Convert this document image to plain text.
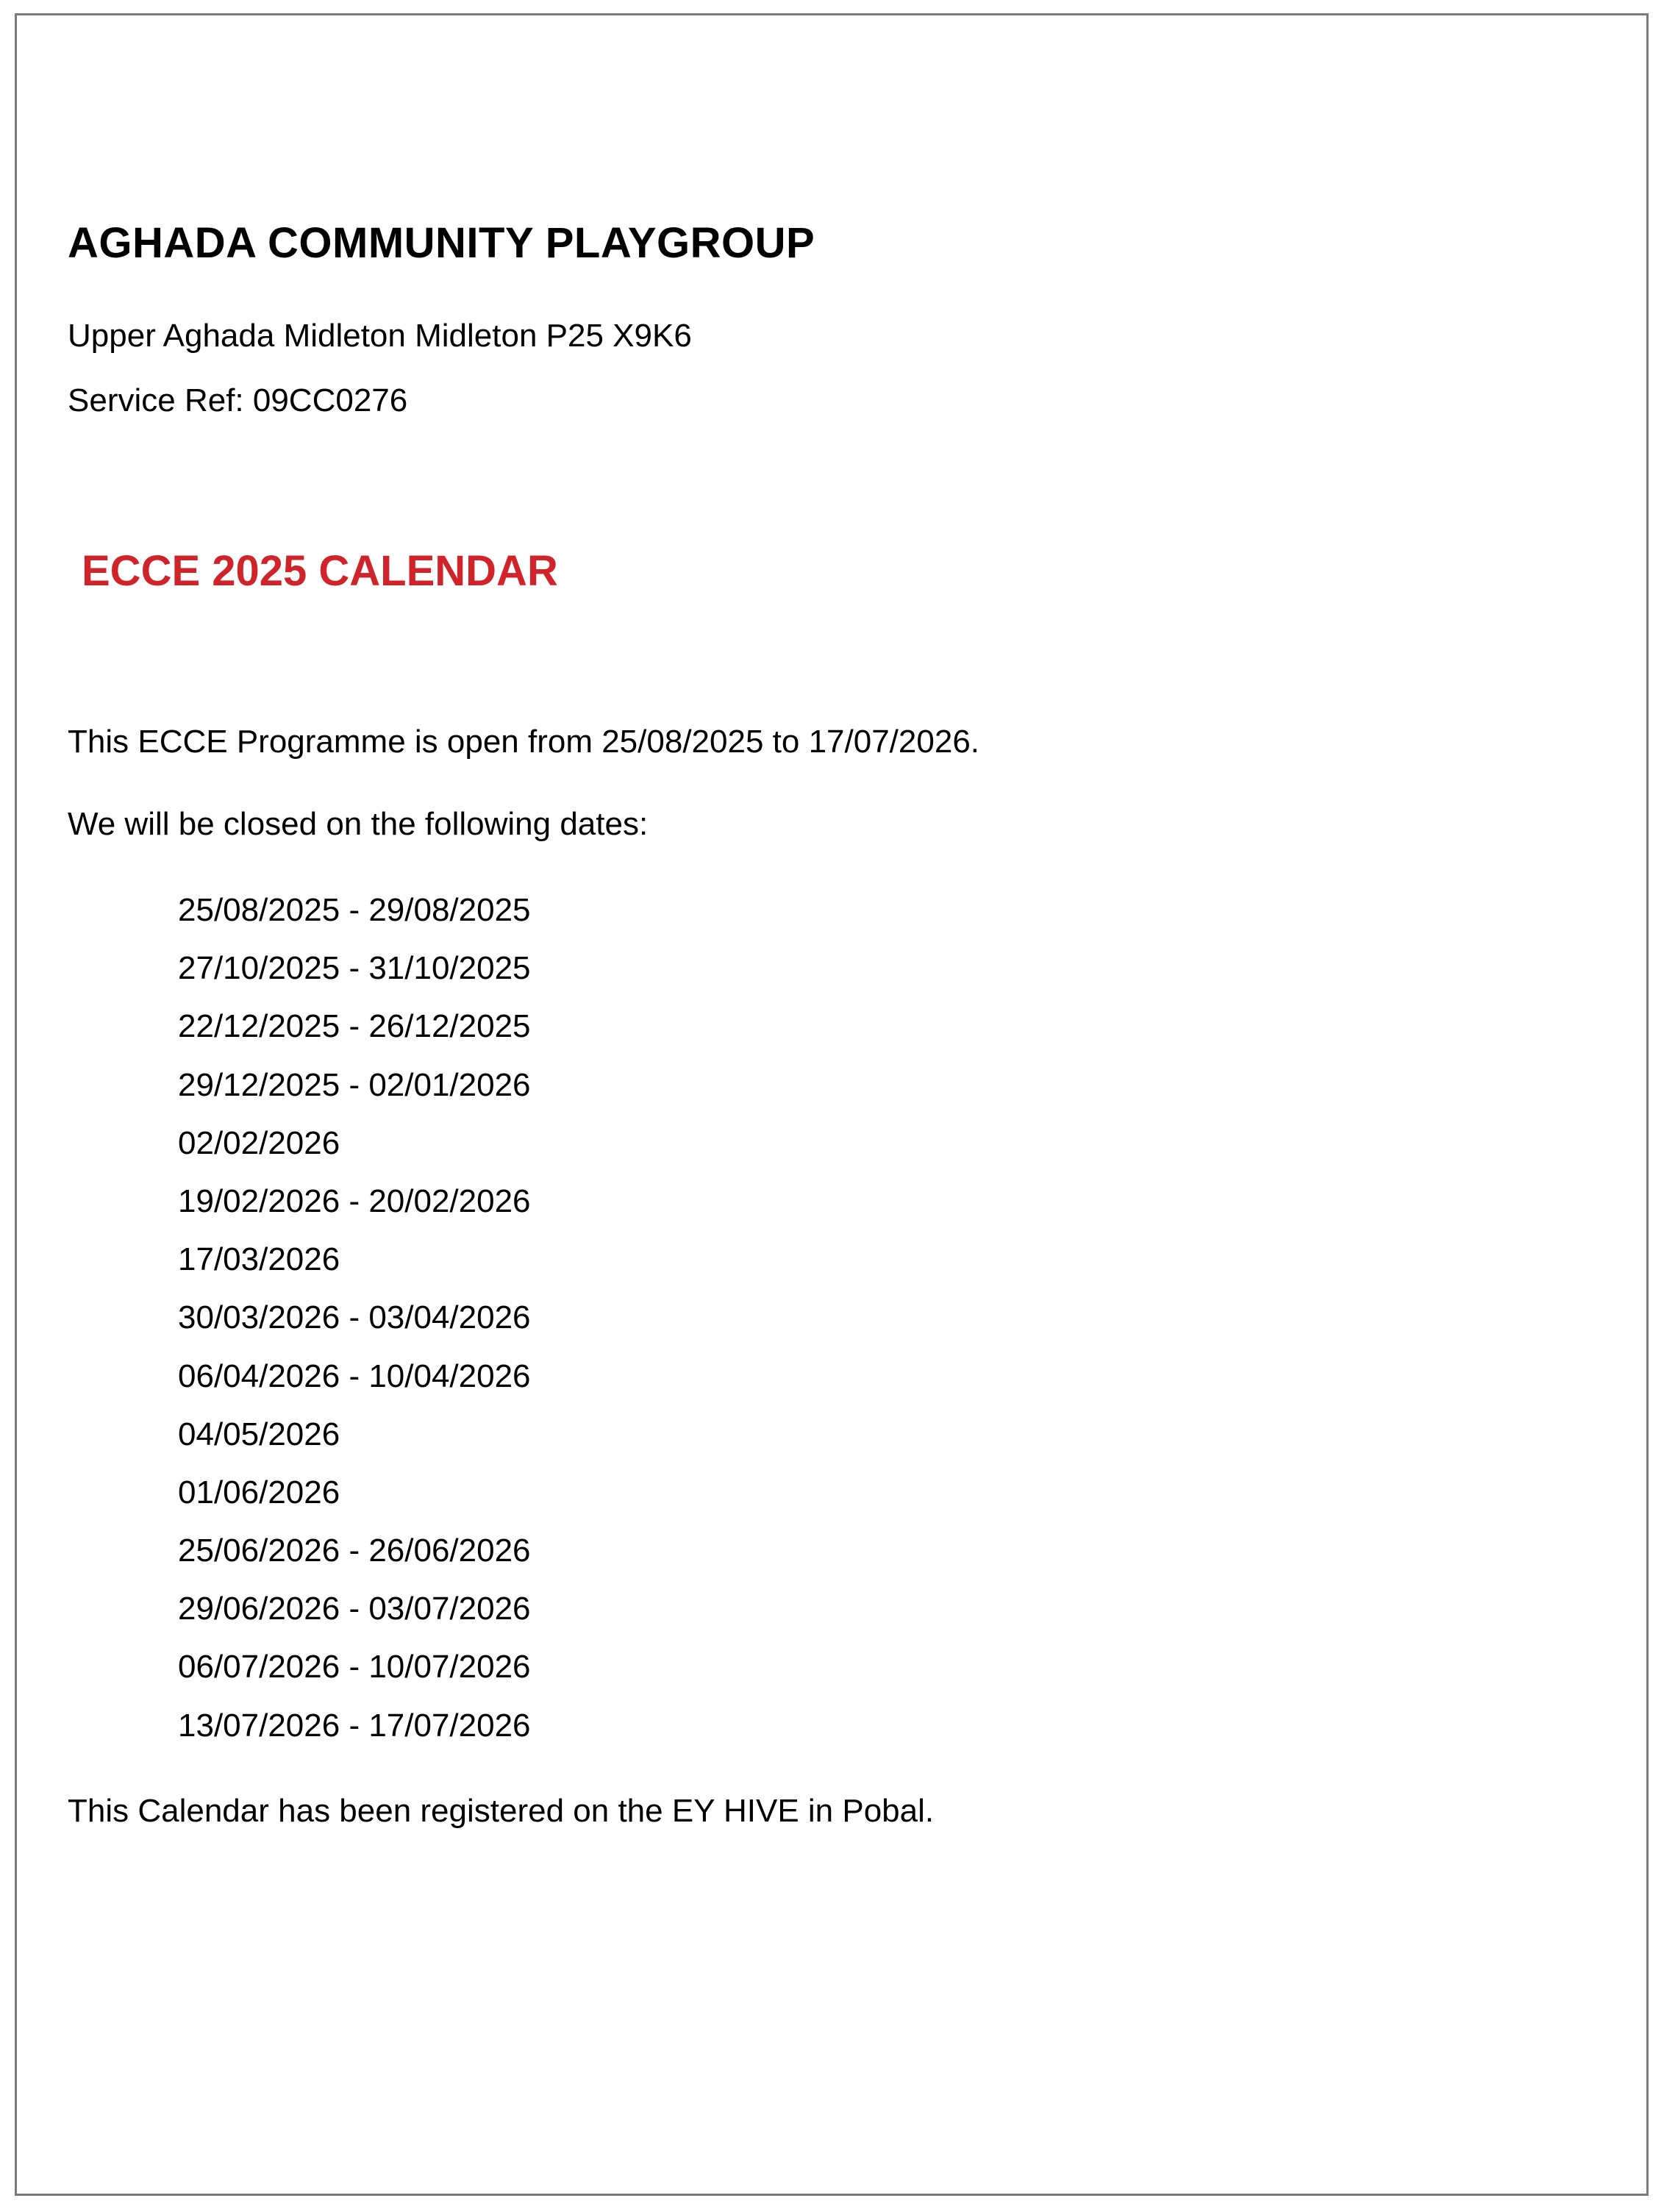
AGHADA COMMUNITY PLAYGROUP

Upper Aghada Midleton Midleton P25 X9K6

Service Ref: 09CC0276

ECCE 2025 CALENDAR

This ECCE Programme is open from 25/08/2025 to 17/07/2026.

We will be closed on the following dates:

25/08/2025 - 29/08/2025
27/10/2025 - 31/10/2025
22/12/2025 - 26/12/2025
29/12/2025 - 02/01/2026
02/02/2026
19/02/2026 - 20/02/2026
17/03/2026
30/03/2026 - 03/04/2026
06/04/2026 - 10/04/2026
04/05/2026
01/06/2026
25/06/2026 - 26/06/2026
29/06/2026 - 03/07/2026
06/07/2026 - 10/07/2026
13/07/2026 - 17/07/2026

This Calendar has been registered on the EY HIVE in Pobal.
